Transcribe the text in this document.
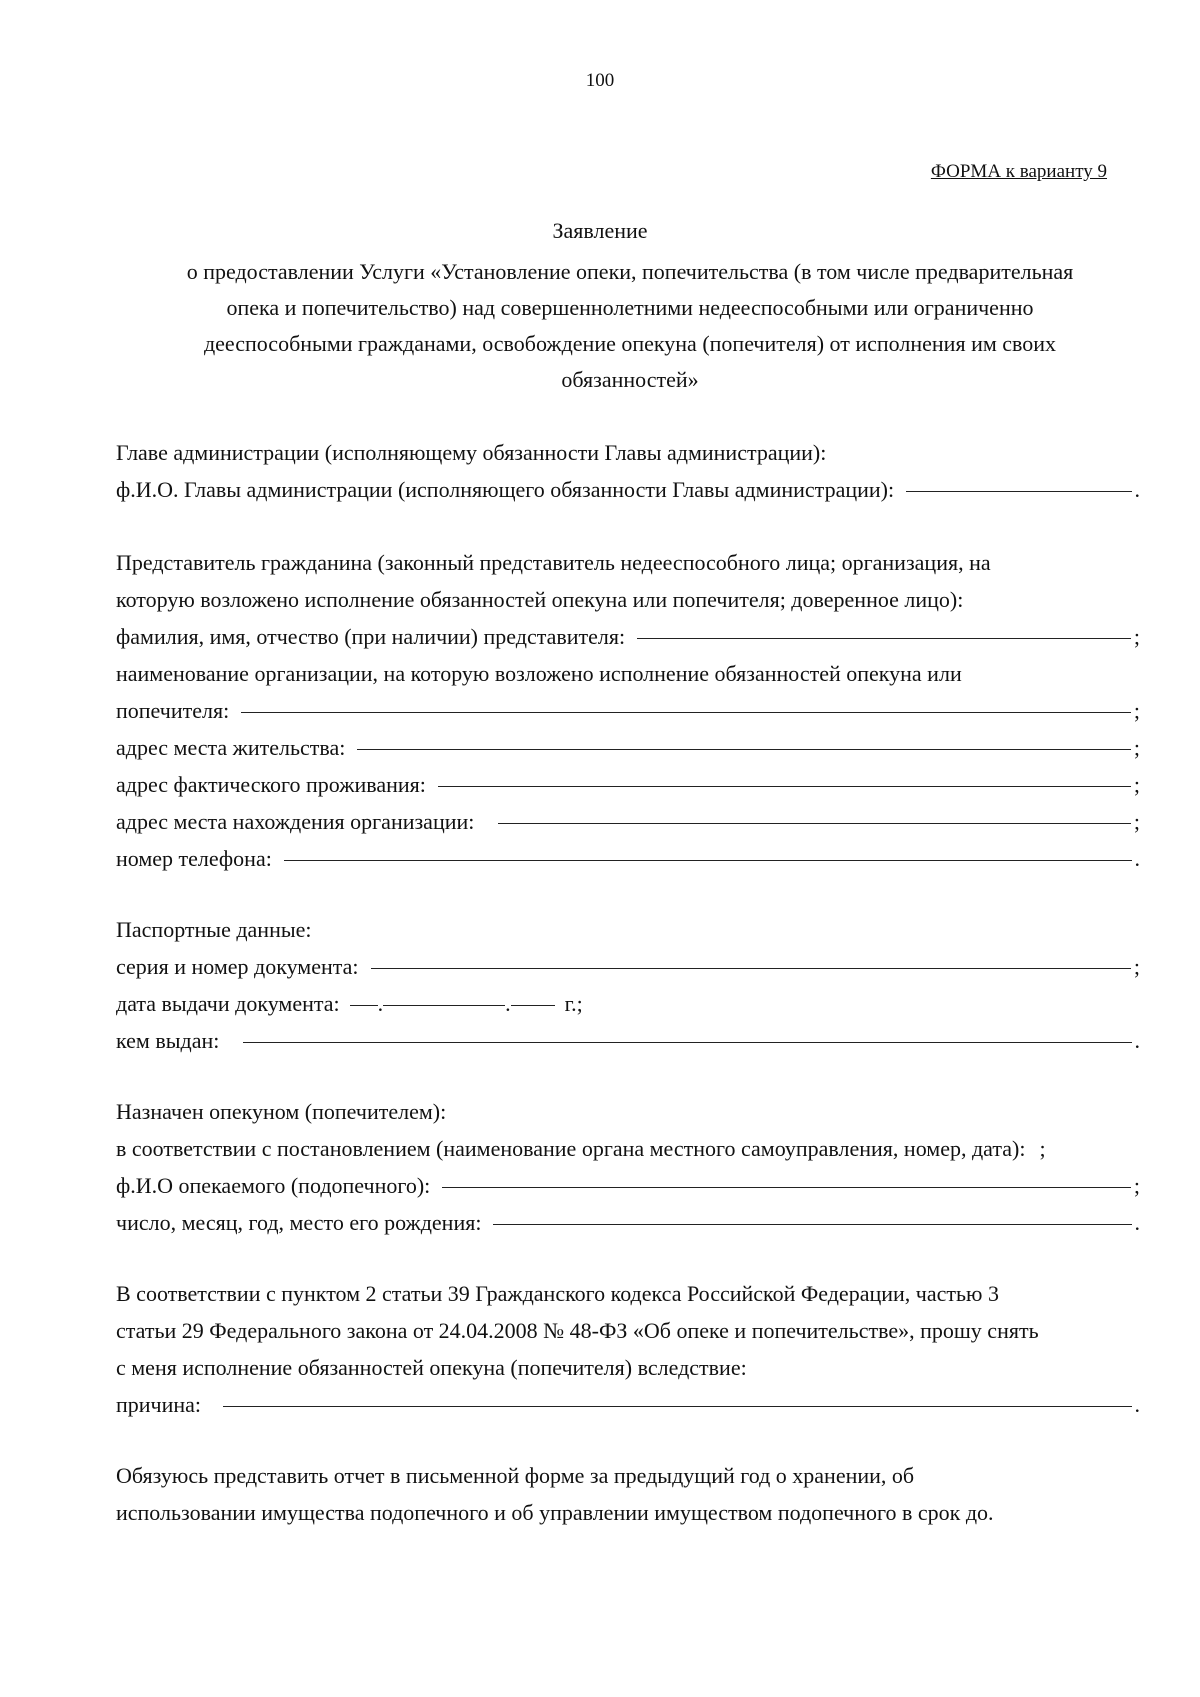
100
ФОРМА к варианту 9
Заявление
о предоставлении Услуги «Установление опеки, попечительства (в том числе предварительная
опека и попечительство) над совершеннолетними недееспособными или ограниченно
дееспособными гражданами, освобождение опекуна (попечителя) от исполнения им своих
обязанностей»
Главе администрации (исполняющему обязанности Главы администрации):
ф.И.О. Главы администрации (исполняющего обязанности Главы администрации):	.
Представитель гражданина (законный представитель недееспособного лица; организация, на
которую возложено исполнение обязанностей опекуна или попечителя; доверенное лицо):
фамилия, имя, отчество (при наличии) представителя:	;
наименование организации, на которую возложено исполнение обязанностей опекуна или
попечителя:	;
адрес места жительства:	;
адрес фактического проживания:	;
адрес места нахождения организации:	;
номер телефона:	.
Паспортные данные:
серия и номер документа:	;
дата выдачи документа: .	. г.;
кем выдан:	.
Назначен опекуном (попечителем):
в соответствии с постановлением (наименование органа местного самоуправления, номер, дата): ;
ф.И.О опекаемого (подопечного):	;
число, месяц, год, место его рождения:	.
В соответствии с пунктом 2 статьи 39 Гражданского кодекса Российской Федерации, частью 3
статьи 29 Федерального закона от 24.04.2008 № 48-ФЗ «Об опеке и попечительстве», прошу снять
с меня исполнение обязанностей опекуна (попечителя) вследствие:
причина:	.
Обязуюсь представить отчет в письменной форме за предыдущий год о хранении, об
использовании имущества подопечного и об управлении имуществом подопечного в срок до.
